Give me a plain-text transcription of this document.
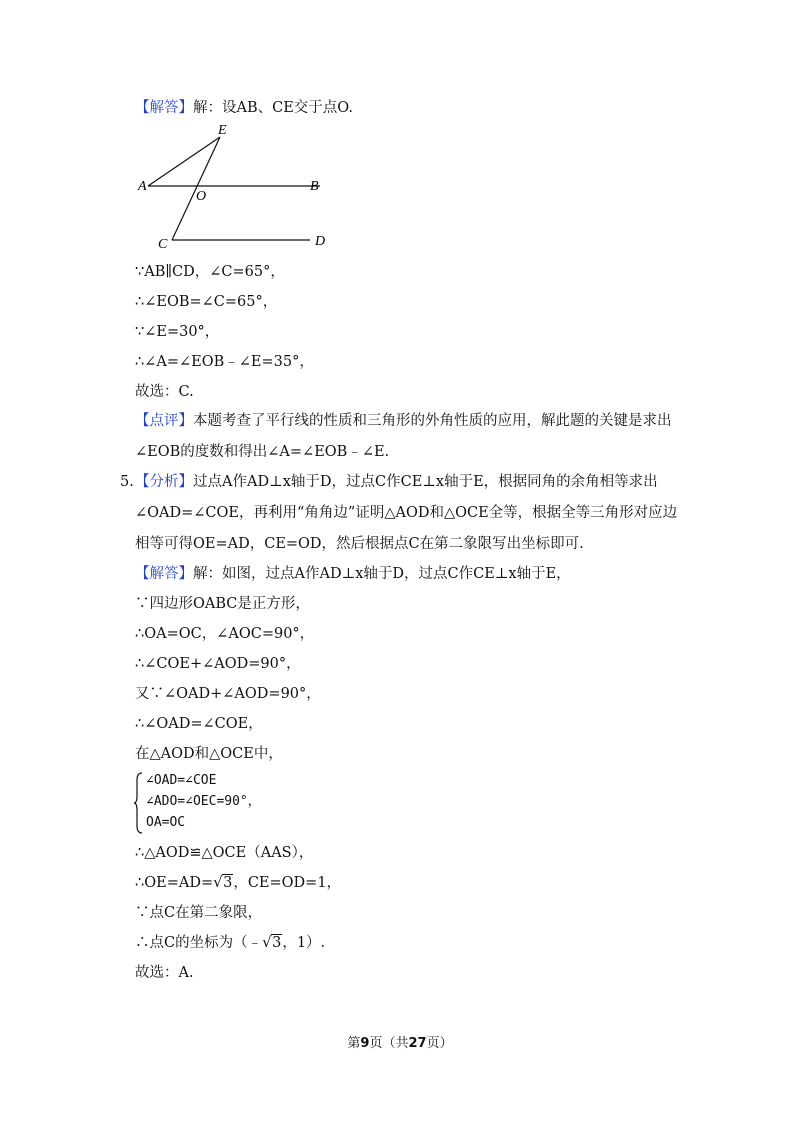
【解答】解：设AB、CE交于点O.
E
A
O
B
C	D
∵AB∥CD，∠C=65°，
∴∠EOB=∠C=65°，
∵∠E=30°，
∴∠A=∠EOB﹣∠E=35°，
故选：C.
【点评】本题考查了平行线的性质和三角形的外角性质的应用，解此题的关键是求出
∠EOB的度数和得出∠A=∠EOB﹣∠E.
5. 【分析】过点A作AD⊥x轴于D，过点C作CE⊥x轴于E，根据同角的余角相等求出
∠OAD=∠COE，再利用“角角边”证明△AOD和△OCE全等，根据全等三角形对应边
相等可得OE=AD，CE=OD，然后根据点C在第二象限写出坐标即可.
【解答】解：如图，过点A作AD⊥x轴于D，过点C作CE⊥x轴于E，
∵四边形OABC是正方形，
∴OA=OC，∠AOC=90°，
∴∠COE+∠AOD=90°，
又∵∠OAD+∠AOD=90°，
∴∠OAD=∠COE，
在△AOD和△OCE中，
∠OAD=∠COE
∠ADO=∠OEC=90°，
OA=OC
∴△AOD≌△OCE（AAS），
∴OE=AD= √ 3，CE=OD=1，
∵点C在第二象限，
∴点C的坐标为（﹣ √ 3，1）.
故选：A.
第9页（共27页）
